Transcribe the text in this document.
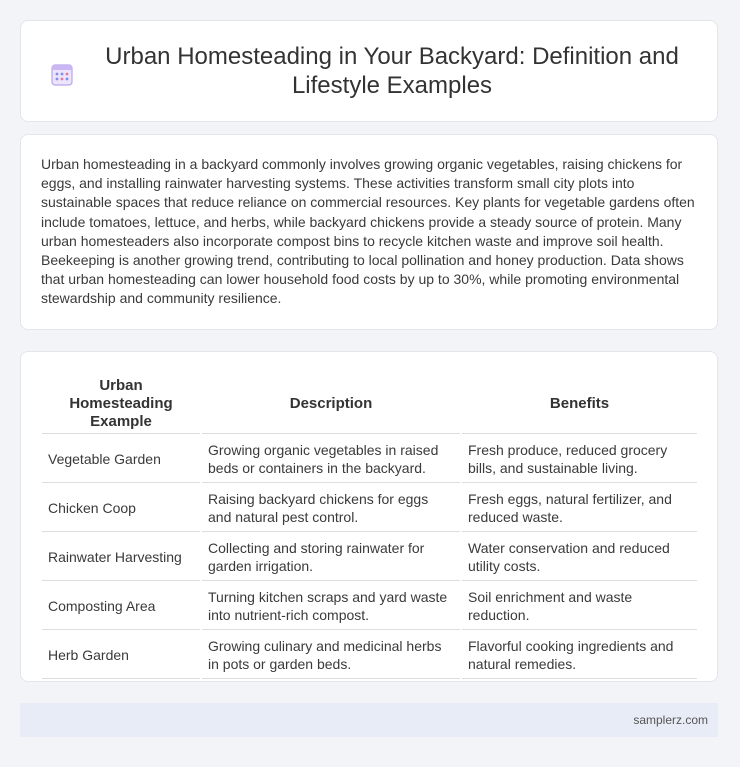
Urban Homesteading in Your Backyard: Definition and Lifestyle Examples

Urban homesteading in a backyard commonly involves growing organic vegetables, raising chickens for eggs, and installing rainwater harvesting systems. These activities transform small city plots into sustainable spaces that reduce reliance on commercial resources. Key plants for vegetable gardens often include tomatoes, lettuce, and herbs, while backyard chickens provide a steady source of protein. Many urban homesteaders also incorporate compost bins to recycle kitchen waste and improve soil health. Beekeeping is another growing trend, contributing to local pollination and honey production. Data shows that urban homesteading can lower household food costs by up to 30%, while promoting environmental stewardship and community resilience.

Urban Homesteading Example	Description	Benefits
Vegetable Garden	Growing organic vegetables in raised beds or containers in the backyard.	Fresh produce, reduced grocery bills, and sustainable living.
Chicken Coop	Raising backyard chickens for eggs and natural pest control.	Fresh eggs, natural fertilizer, and reduced waste.
Rainwater Harvesting	Collecting and storing rainwater for garden irrigation.	Water conservation and reduced utility costs.
Composting Area	Turning kitchen scraps and yard waste into nutrient-rich compost.	Soil enrichment and waste reduction.
Herb Garden	Growing culinary and medicinal herbs in pots or garden beds.	Flavorful cooking ingredients and natural remedies.
samplerz.com
